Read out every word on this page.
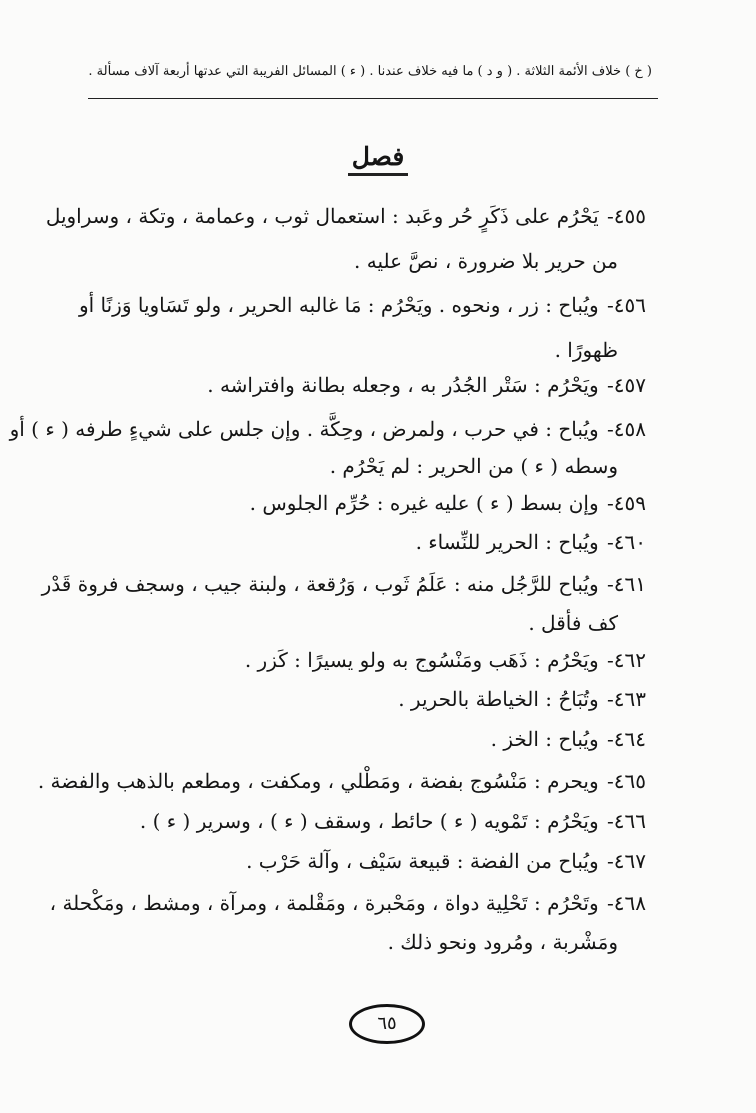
( خ ) خلاف الأئمة الثلاثة . ( و د ) ما فيه خلاف عندنا . ( ء ) المسائل الفريبة التي عدتها أربعة آلاف مسألة .
فصل
٤٥٥- يَحْرُم على ذَكَرٍ حُر وعَبد : استعمال ثوب ، وعمامة ، وتكة ، وسراويل
من حرير بلا ضرورة ، نصَّ عليه .
٤٥٦- ويُباح : زر ، ونحوه . ويَحْرُم : مَا غالبه الحرير ، ولو تَسَاويا وَزنًا أو
ظهورًا .
٤٥٧- ويَحْرُم : سَتْر الجُدُر به ، وجعله بطانة وافتراشه .
٤٥٨- ويُباح : في حرب ، ولمرض ، وحِكَّة . وإن جلس على شيءٍ طرفه ( ء ) أو
وسطه ( ء ) من الحرير : لم يَحْرُم .
٤٥٩- وإن بسط ( ء ) عليه غيره : حُرِّم الجلوس .
٤٦٠- ويُباح : الحرير للنِّساء .
٤٦١- ويُباح للرَّجُل منه : عَلَمُ ثَوب ، وَرُقعة ، ولبنة جيب ، وسجف فروة قَدْر
كف فأقل .
٤٦٢- ويَحْرُم : ذَهَب ومَنْسُوج به ولو يسيرًا : كَزر .
٤٦٣- وتُبَاحُ : الخياطة بالحرير .
٤٦٤- ويُباح : الخز .
٤٦٥- ويحرم : مَنْسُوج بفضة ، ومَطْلي ، ومكفت ، ومطعم بالذهب والفضة .
٤٦٦- ويَحْرُم : تَمْويه ( ء ) حائط ، وسقف ( ء ) ، وسرير ( ء ) .
٤٦٧- ويُباح من الفضة : قبيعة سَيْف ، وآلة حَرْب .
٤٦٨- وتَحْرُم : تَحْلِية دواة ، ومَحْبرة ، ومَقْلمة ، ومرآة ، ومشط ، ومَكْحلة ،
ومَشْربة ، ومُرود ونحو ذلك .
٦٥
